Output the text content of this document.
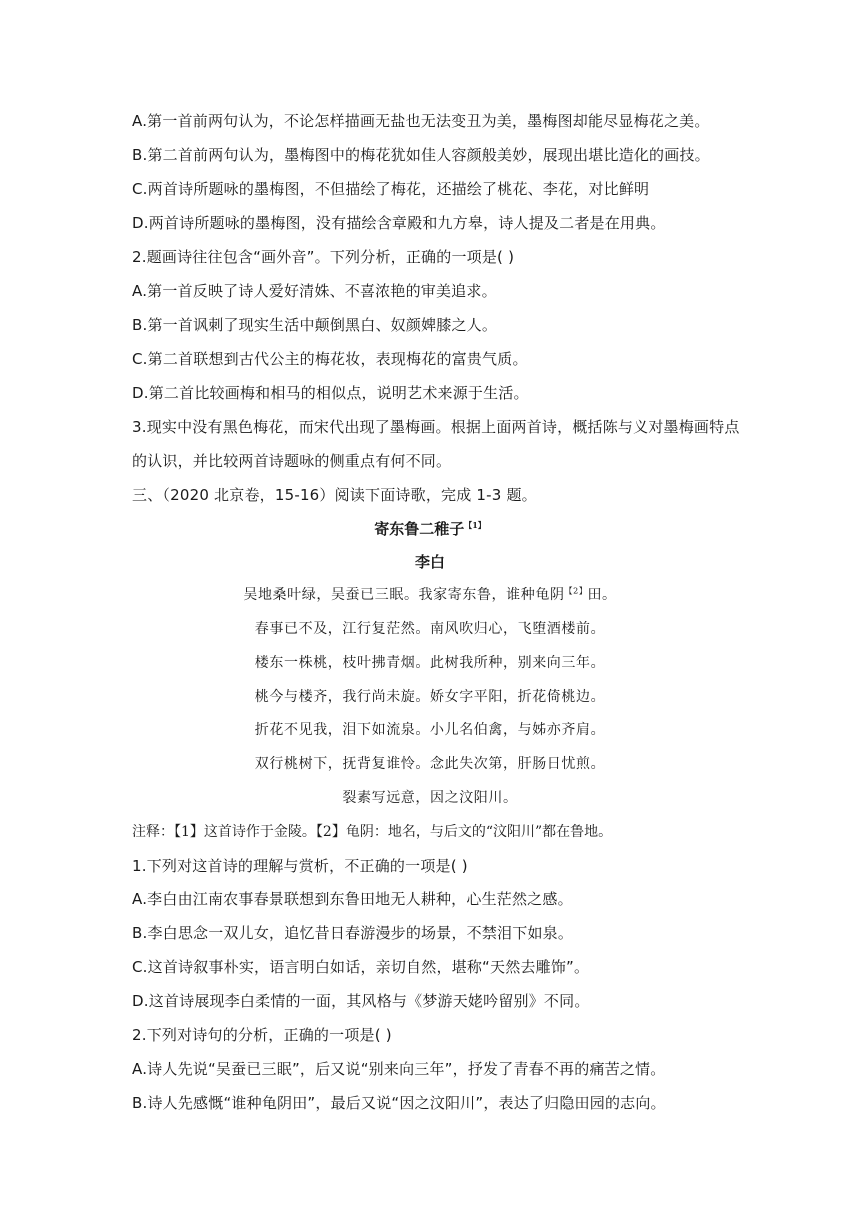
A.第一首前两句认为，不论怎样描画无盐也无法变丑为美，墨梅图却能尽显梅花之美。
B.第二首前两句认为，墨梅图中的梅花犹如佳人容颜般美妙，展现出堪比造化的画技。
C.两首诗所题咏的墨梅图，不但描绘了梅花，还描绘了桃花、李花，对比鲜明
D.两首诗所题咏的墨梅图，没有描绘含章殿和九方皋，诗人提及二者是在用典。
2.题画诗往往包含“画外音”。下列分析，正确的一项是( )
A.第一首反映了诗人爱好清姝、不喜浓艳的审美追求。
B.第一首讽刺了现实生活中颠倒黑白、奴颜婢膝之人。
C.第二首联想到古代公主的梅花妆，表现梅花的富贵气质。
D.第二首比较画梅和相马的相似点，说明艺术来源于生活。
3.现实中没有黑色梅花，而宋代出现了墨梅画。根据上面两首诗，概括陈与义对墨梅画特点
的认识，并比较两首诗题咏的侧重点有何不同。
三、（2020 北京卷，15-16）阅读下面诗歌，完成 1-3 题。
寄东鲁二稚子$^{【1】}$
李白
吴地桑叶绿，吴蚕已三眠。我家寄东鲁，谁种龟阴$^{【2】}$田。
春事已不及，江行复茫然。南风吹归心，飞堕酒楼前。
楼东一株桃，枝叶拂青烟。此树我所种，别来向三年。
桃今与楼齐，我行尚未旋。娇女字平阳，折花倚桃边。
折花不见我，泪下如流泉。小儿名伯禽，与姊亦齐肩。
双行桃树下，抚背复谁怜。念此失次第，肝肠日忧煎。
裂素写远意，因之汶阳川。
注释：【1】这首诗作于金陵。【2】龟阴：地名，与后文的“汶阳川”都在鲁地。
1.下列对这首诗的理解与赏析，不正确的一项是( )
A.李白由江南农事春景联想到东鲁田地无人耕种，心生茫然之感。
B.李白思念一双儿女，追忆昔日春游漫步的场景，不禁泪下如泉。
C.这首诗叙事朴实，语言明白如话，亲切自然，堪称“天然去雕饰”。
D.这首诗展现李白柔情的一面，其风格与《梦游天姥吟留别》不同。
2.下列对诗句的分析，正确的一项是( )
A.诗人先说“吴蚕已三眠”，后又说“别来向三年”，抒发了青春不再的痛苦之情。
B.诗人先感慨“谁种龟阴田”，最后又说“因之汶阳川”，表达了归隐田园的志向。
